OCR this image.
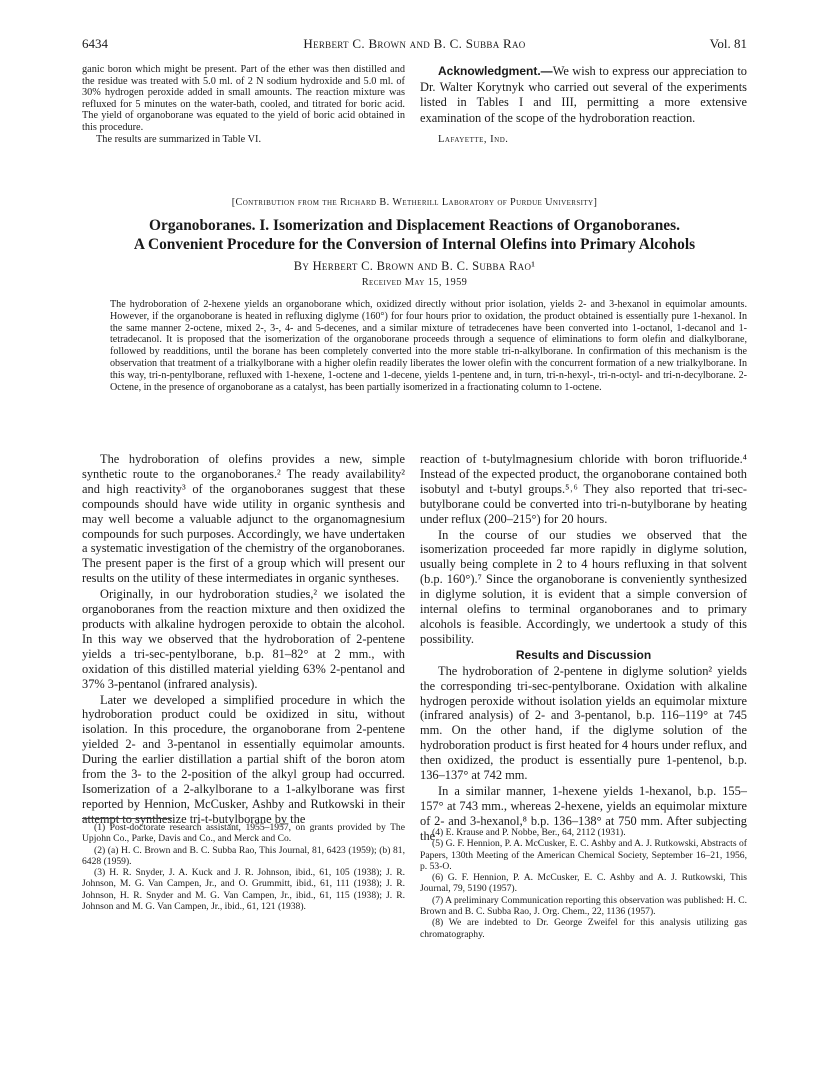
6434	Herbert C. Brown and B. C. Subba Rao	Vol. 81

ganic boron which might be present. Part of the ether was then distilled and the residue was treated with 5.0 ml. of 2 N sodium hydroxide and 5.0 ml. of 30% hydrogen peroxide added in small amounts. The reaction mixture was refluxed for 5 minutes on the water-bath, cooled, and titrated for boric acid. The yield of organoborane was equated to the yield of boric acid obtained in this procedure.

The results are summarized in Table VI.

Acknowledgment.—We wish to express our appreciation to Dr. Walter Korytnyk who carried out several of the experiments listed in Tables I and III, permitting a more extensive examination of the scope of the hydroboration reaction.

Lafayette, Ind.

[Contribution from the Richard B. Wetherill Laboratory of Purdue University]
Organoboranes. I. Isomerization and Displacement Reactions of Organoboranes.
A Convenient Procedure for the Conversion of Internal Olefins into Primary Alcohols
By Herbert C. Brown and B. C. Subba Rao¹
Received May 15, 1959
The hydroboration of 2-hexene yields an organoborane which, oxidized directly without prior isolation, yields 2- and 3-hexanol in equimolar amounts. However, if the organoborane is heated in refluxing diglyme (160°) for four hours prior to oxidation, the product obtained is essentially pure 1-hexanol. In the same manner 2-octene, mixed 2-, 3-, 4- and 5-decenes, and a similar mixture of tetradecenes have been converted into 1-octanol, 1-decanol and 1-tetradecanol. It is proposed that the isomerization of the organoborane proceeds through a sequence of eliminations to form olefin and dialkylborane, followed by readditions, until the borane has been completely converted into the more stable tri-n-alkylborane. In confirmation of this mechanism is the observation that treatment of a trialkylborane with a higher olefin readily liberates the lower olefin with the concurrent formation of a new trialkylborane. In this way, tri-n-pentylborane, refluxed with 1-hexene, 1-octene and 1-decene, yields 1-pentene and, in turn, tri-n-hexyl-, tri-n-octyl- and tri-n-decylborane. 2-Octene, in the presence of organoborane as a catalyst, has been partially isomerized in a fractionating column to 1-octene.

The hydroboration of olefins provides a new, simple synthetic route to the organoboranes.² The ready availability² and high reactivity³ of the organoboranes suggest that these compounds should have wide utility in organic synthesis and may well become a valuable adjunct to the organomagnesium compounds for such purposes. Accordingly, we have undertaken a systematic investigation of the chemistry of the organoboranes. The present paper is the first of a group which will present our results on the utility of these intermediates in organic syntheses.

Originally, in our hydroboration studies,² we isolated the organoboranes from the reaction mixture and then oxidized the products with alkaline hydrogen peroxide to obtain the alcohol. In this way we observed that the hydroboration of 2-pentene yields a tri-sec-pentylborane, b.p. 81–82° at 2 mm., with oxidation of this distilled material yielding 63% 2-pentanol and 37% 3-pentanol (infrared analysis).

Later we developed a simplified procedure in which the hydroboration product could be oxidized in situ, without isolation. In this procedure, the organoborane from 2-pentene yielded 2- and 3-pentanol in essentially equimolar amounts. During the earlier distillation a partial shift of the boron atom from the 3- to the 2-position of the alkyl group had occurred. Isomerization of a 2-alkylborane to a 1-alkylborane was first reported by Hennion, McCusker, Ashby and Rutkowski in their attempt to synthesize tri-t-butylborane by the

reaction of t-butylmagnesium chloride with boron trifluoride.⁴ Instead of the expected product, the organoborane contained both isobutyl and t-butyl groups.⁵˒⁶ They also reported that tri-sec-butylborane could be converted into tri-n-butylborane by heating under reflux (200–215°) for 20 hours.

In the course of our studies we observed that the isomerization proceeded far more rapidly in diglyme solution, usually being complete in 2 to 4 hours refluxing in that solvent (b.p. 160°).⁷ Since the organoborane is conveniently synthesized in diglyme solution, it is evident that a simple conversion of internal olefins to terminal organoboranes and to primary alcohols is feasible. Accordingly, we undertook a study of this possibility.

Results and Discussion

The hydroboration of 2-pentene in diglyme solution² yields the corresponding tri-sec-pentylborane. Oxidation with alkaline hydrogen peroxide without isolation yields an equimolar mixture (infrared analysis) of 2- and 3-pentanol, b.p. 116–119° at 745 mm. On the other hand, if the diglyme solution of the hydroboration product is first heated for 4 hours under reflux, and then oxidized, the product is essentially pure 1-pentenol, b.p. 136–137° at 742 mm.

In a similar manner, 1-hexene yields 1-hexanol, b.p. 155–157° at 743 mm., whereas 2-hexene, yields an equimolar mixture of 2- and 3-hexanol,⁸ b.p. 136–138° at 750 mm. After subjecting the

(1) Post-doctorate research assistant, 1955–1957, on grants provided by The Upjohn Co., Parke, Davis and Co., and Merck and Co.

(2) (a) H. C. Brown and B. C. Subba Rao, This Journal, 81, 6423 (1959); (b) 81, 6428 (1959).

(3) H. R. Snyder, J. A. Kuck and J. R. Johnson, ibid., 61, 105 (1938); J. R. Johnson, M. G. Van Campen, Jr., and O. Grummitt, ibid., 61, 111 (1938); J. R. Johnson, H. R. Snyder and M. G. Van Campen, Jr., ibid., 61, 115 (1938); J. R. Johnson and M. G. Van Campen, Jr., ibid., 61, 121 (1938).

(4) E. Krause and P. Nobbe, Ber., 64, 2112 (1931).

(5) G. F. Hennion, P. A. McCusker, E. C. Ashby and A. J. Rutkowski, Abstracts of Papers, 130th Meeting of the American Chemical Society, September 16–21, 1956, p. 53-O.

(6) G. F. Hennion, P. A. McCusker, E. C. Ashby and A. J. Rutkowski, This Journal, 79, 5190 (1957).

(7) A preliminary Communication reporting this observation was published: H. C. Brown and B. C. Subba Rao, J. Org. Chem., 22, 1136 (1957).

(8) We are indebted to Dr. George Zweifel for this analysis utilizing gas chromatography.
